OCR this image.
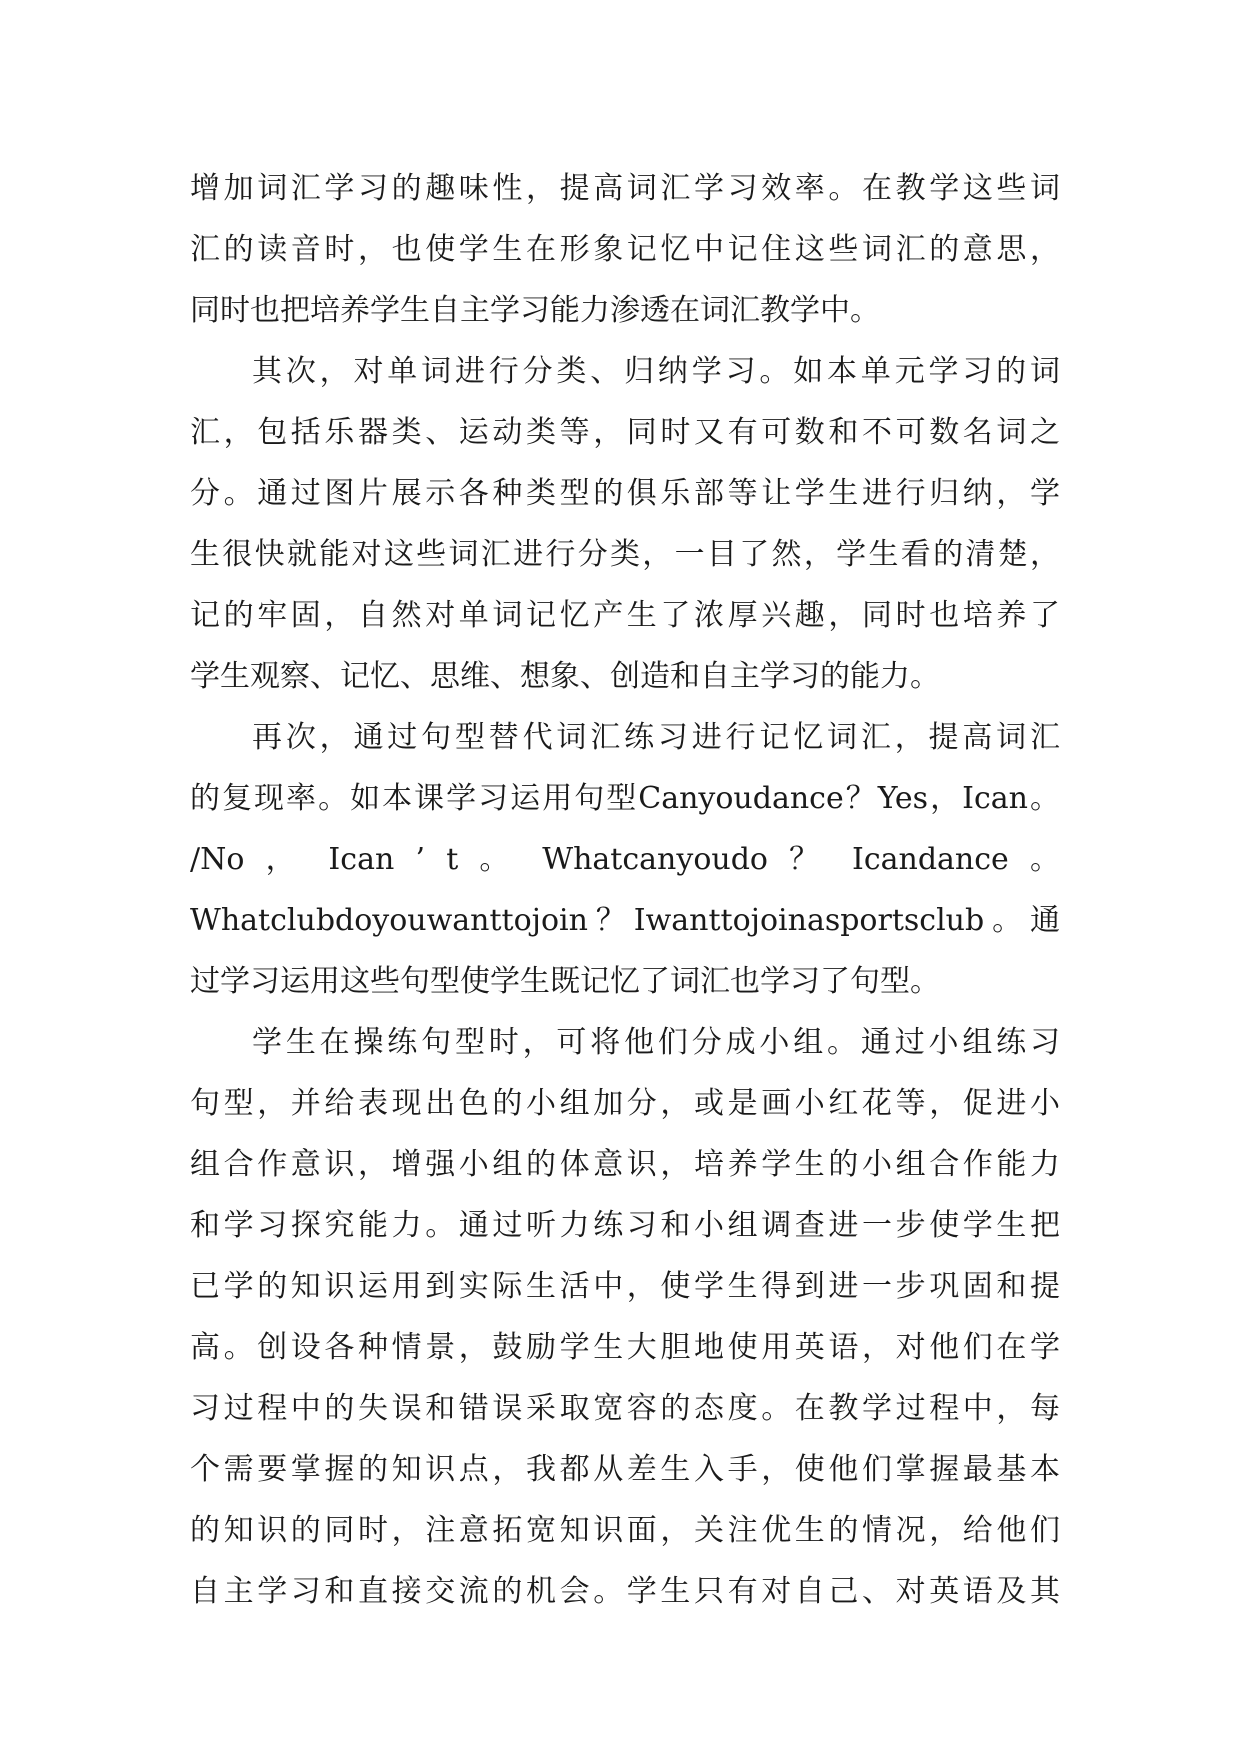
增加词汇学习的趣味性，提高词汇学习效率。在教学这些词
汇的读音时，也使学生在形象记忆中记住这些词汇的意思，
同时也把培养学生自主学习能力渗透在词汇教学中。
其次，对单词进行分类、归纳学习。如本单元学习的词
汇，包括乐器类、运动类等，同时又有可数和不可数名词之
分。通过图片展示各种类型的俱乐部等让学生进行归纳，学
生很快就能对这些词汇进行分类，一目了然，学生看的清楚，
记的牢固，自然对单词记忆产生了浓厚兴趣，同时也培养了
学生观察、记忆、思维、想象、创造和自主学习的能力。
再次，通过句型替代词汇练习进行记忆词汇，提高词汇
的复现率。如本课学习运用句型Canyoudance？Yes，Ican。
/No ， Ican ’ t 。 Whatcanyoudo ？ Icandance 。
Whatclubdoyouwanttojoin？Iwanttojoinasportsclub。通
过学习运用这些句型使学生既记忆了词汇也学习了句型。
学生在操练句型时，可将他们分成小组。通过小组练习
句型，并给表现出色的小组加分，或是画小红花等，促进小
组合作意识，增强小组的体意识，培养学生的小组合作能力
和学习探究能力。通过听力练习和小组调查进一步使学生把
已学的知识运用到实际生活中，使学生得到进一步巩固和提
高。创设各种情景，鼓励学生大胆地使用英语，对他们在学
习过程中的失误和错误采取宽容的态度。在教学过程中，每
个需要掌握的知识点，我都从差生入手，使他们掌握最基本
的知识的同时，注意拓宽知识面，关注优生的情况，给他们
自主学习和直接交流的机会。学生只有对自己、对英语及其
